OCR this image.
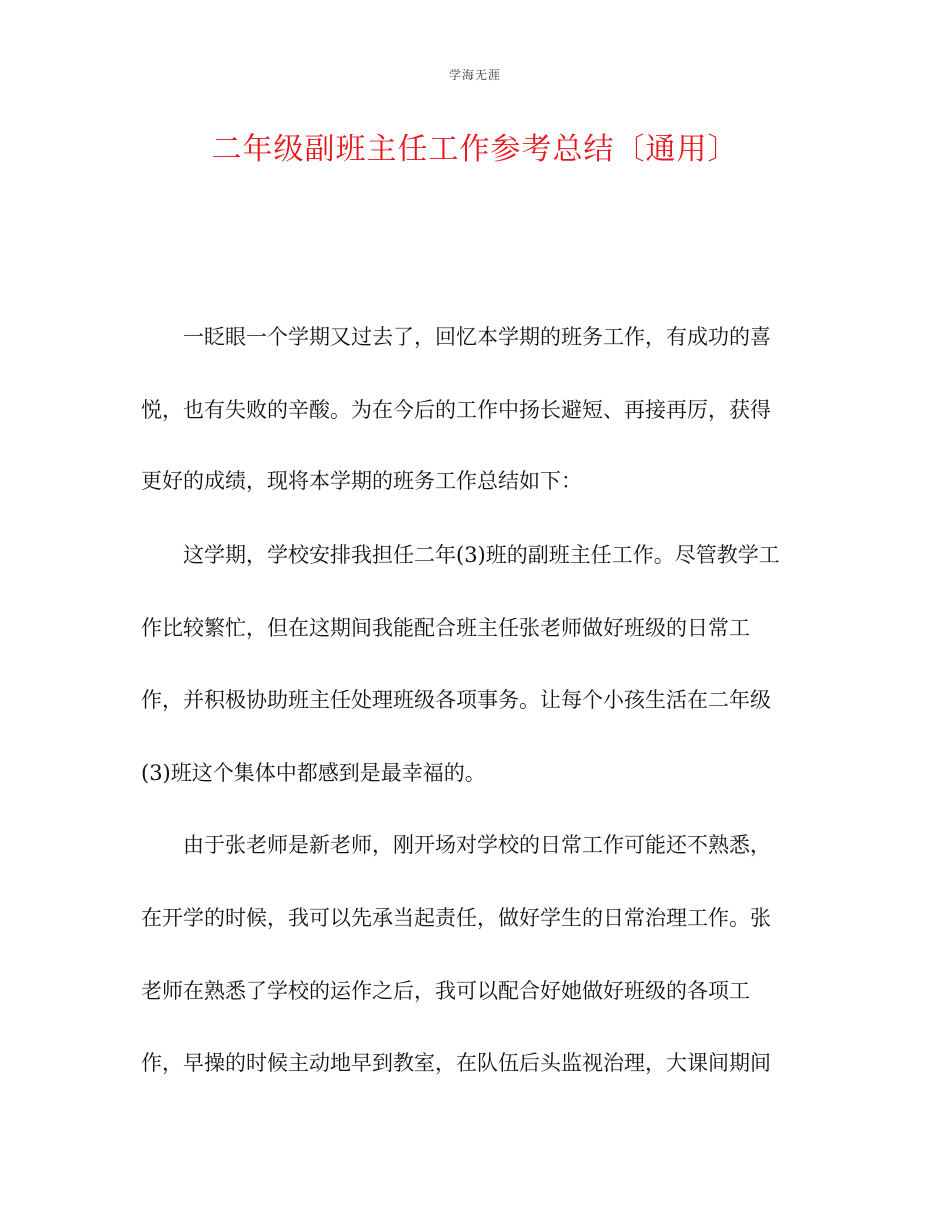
学海无涯
二年级副班主任工作参考总结〔通用〕
　　一眨眼一个学期又过去了，回忆本学期的班务工作，有成功的喜
悦，也有失败的辛酸。为在今后的工作中扬长避短、再接再厉，获得
更好的成绩，现将本学期的班务工作总结如下：
　　这学期，学校安排我担任二年(3)班的副班主任工作。尽管教学工
作比较繁忙，但在这期间我能配合班主任张老师做好班级的日常工
作，并积极协助班主任处理班级各项事务。让每个小孩生活在二年级
(3)班这个集体中都感到是最幸福的。
　　由于张老师是新老师，刚开场对学校的日常工作可能还不熟悉，
在开学的时候，我可以先承当起责任，做好学生的日常治理工作。张
老师在熟悉了学校的运作之后，我可以配合好她做好班级的各项工
作，早操的时候主动地早到教室，在队伍后头监视治理，大课间期间
